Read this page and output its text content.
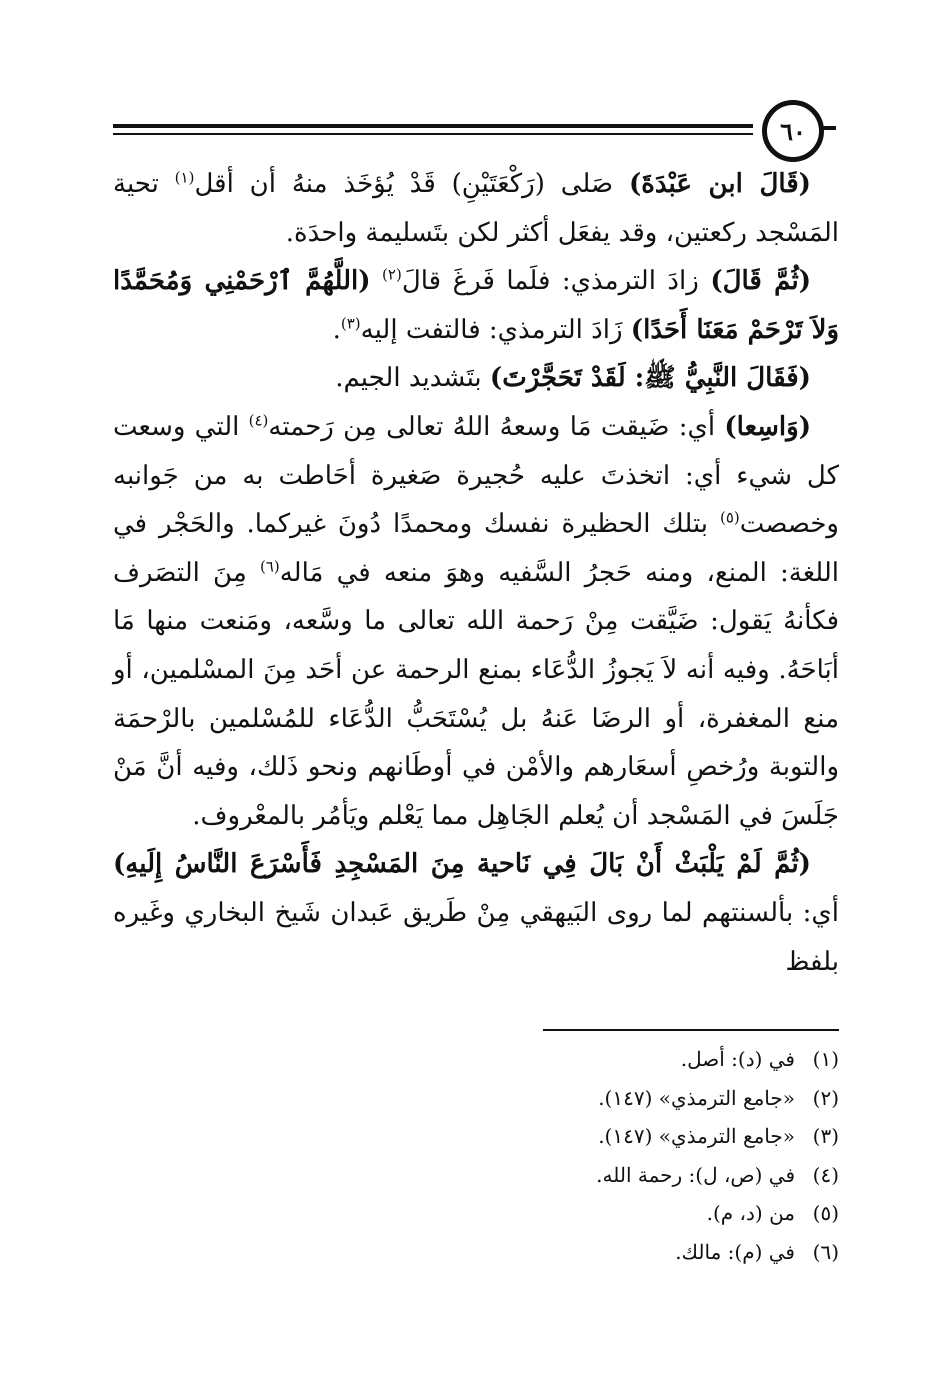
٦٠

(قَالَ ابن عَبْدَةَ) صَلى (رَكْعَتَيْنِ) قَدْ يُؤخَذ منهُ أن أقل$^{(١)}$ تحية المَسْجد ركعتين، وقد يفعَل أكثر لكن بتَسليمة واحدَة.

(ثُمَّ قَالَ) زادَ الترمذي: فلَما فَرغَ قالَ$^{(٢)}$ (اللَّهُمَّ ٱرْحَمْنِي وَمُحَمَّدًا وَلاَ تَرْحَمْ مَعَنَا أَحَدًا) زَادَ الترمذي: فالتفت إليه$^{(٣)}$.

(فَقَالَ النَّبِيُّ ﷺ: لَقَدْ تَحَجَّرْتَ) بتَشديد الجيم.

(وَاسِعا) أي: ضَيقت مَا وسعهُ اللهُ تعالى مِن رَحمته$^{(٤)}$ التي وسعت كل شيء أي: اتخذتَ عليه حُجيرة صَغيرة أحَاطت به من جَوانبه وخصصت$^{(٥)}$ بتلك الحظيرة نفسك ومحمدًا دُونَ غيركما. والحَجْر في اللغة: المنع، ومنه حَجرُ السَّفيه وهوَ منعه في مَاله$^{(٦)}$ مِنَ التصَرف فكأنهُ يَقول: ضَيَّقت مِنْ رَحمة الله تعالى ما وسَّعه، ومَنعت منها مَا أبَاحَهُ. وفيه أنه لاَ يَجوزُ الدُّعَاء بمنع الرحمة عن أحَد مِنَ المسْلمين، أو منع المغفرة، أو الرضَا عَنهُ بل يُسْتَحَبُّ الدُّعَاء للمُسْلمين بالرْحمَة والتوبة ورُخصِ أسعَارهم والأمْن في أوطَانهم ونحو ذَلك، وفيه أنَّ مَنْ جَلَسَ في المَسْجد أن يُعلم الجَاهِل مما يَعْلم ويَأمُر بالمعْروف.

(ثُمَّ لَمْ يَلْبَثْ أَنْ بَالَ فِي نَاحية مِنَ المَسْجِدِ فَأَسْرَعَ النَّاسُ إِلَيهِ) أي: بألسنتهم لما روى البَيهقي مِنْ طَريق عَبدان شَيخ البخاري وغَيره بلفظ

(١)في (د): أصل.

(٢)«جامع الترمذي» (١٤٧).

(٣)«جامع الترمذي» (١٤٧).

(٤)في (ص، ل): رحمة الله.

(٥)من (د، م).

(٦)في (م): مالك.
